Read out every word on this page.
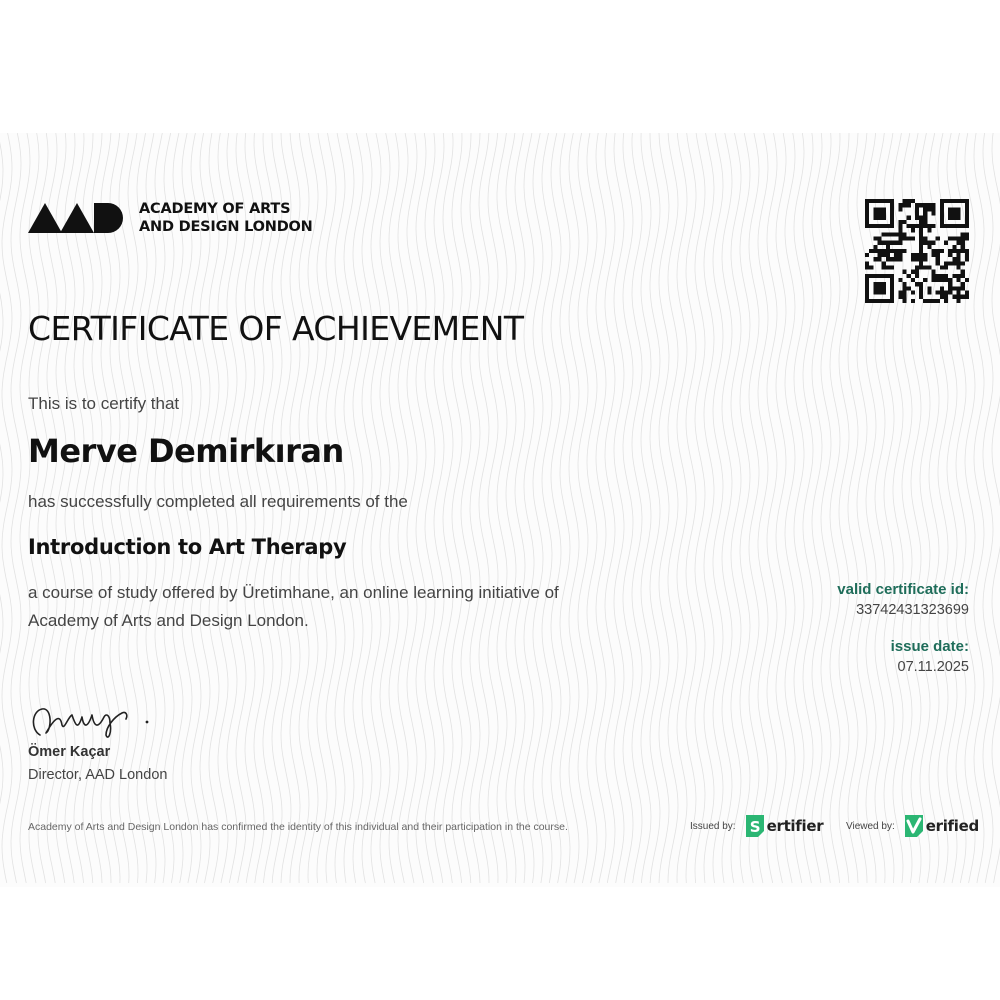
ACADEMY OF ARTS
AND DESIGN LONDON
CERTIFICATE OF ACHIEVEMENT
This is to certify that
Merve Demirkıran
has successfully completed all requirements of the
Introduction to Art Therapy
a course of study offered by Üretimhane, an online learning initiative of Academy of Arts and Design London.
valid certificate id:
33742431323699
issue date:
07.11.2025
Ömer Kaçar
Director, AAD London
Academy of Arts and Design London has confirmed the identity of this individual and their participation in the course.	Issued by: S ertifier Viewed by: erified
